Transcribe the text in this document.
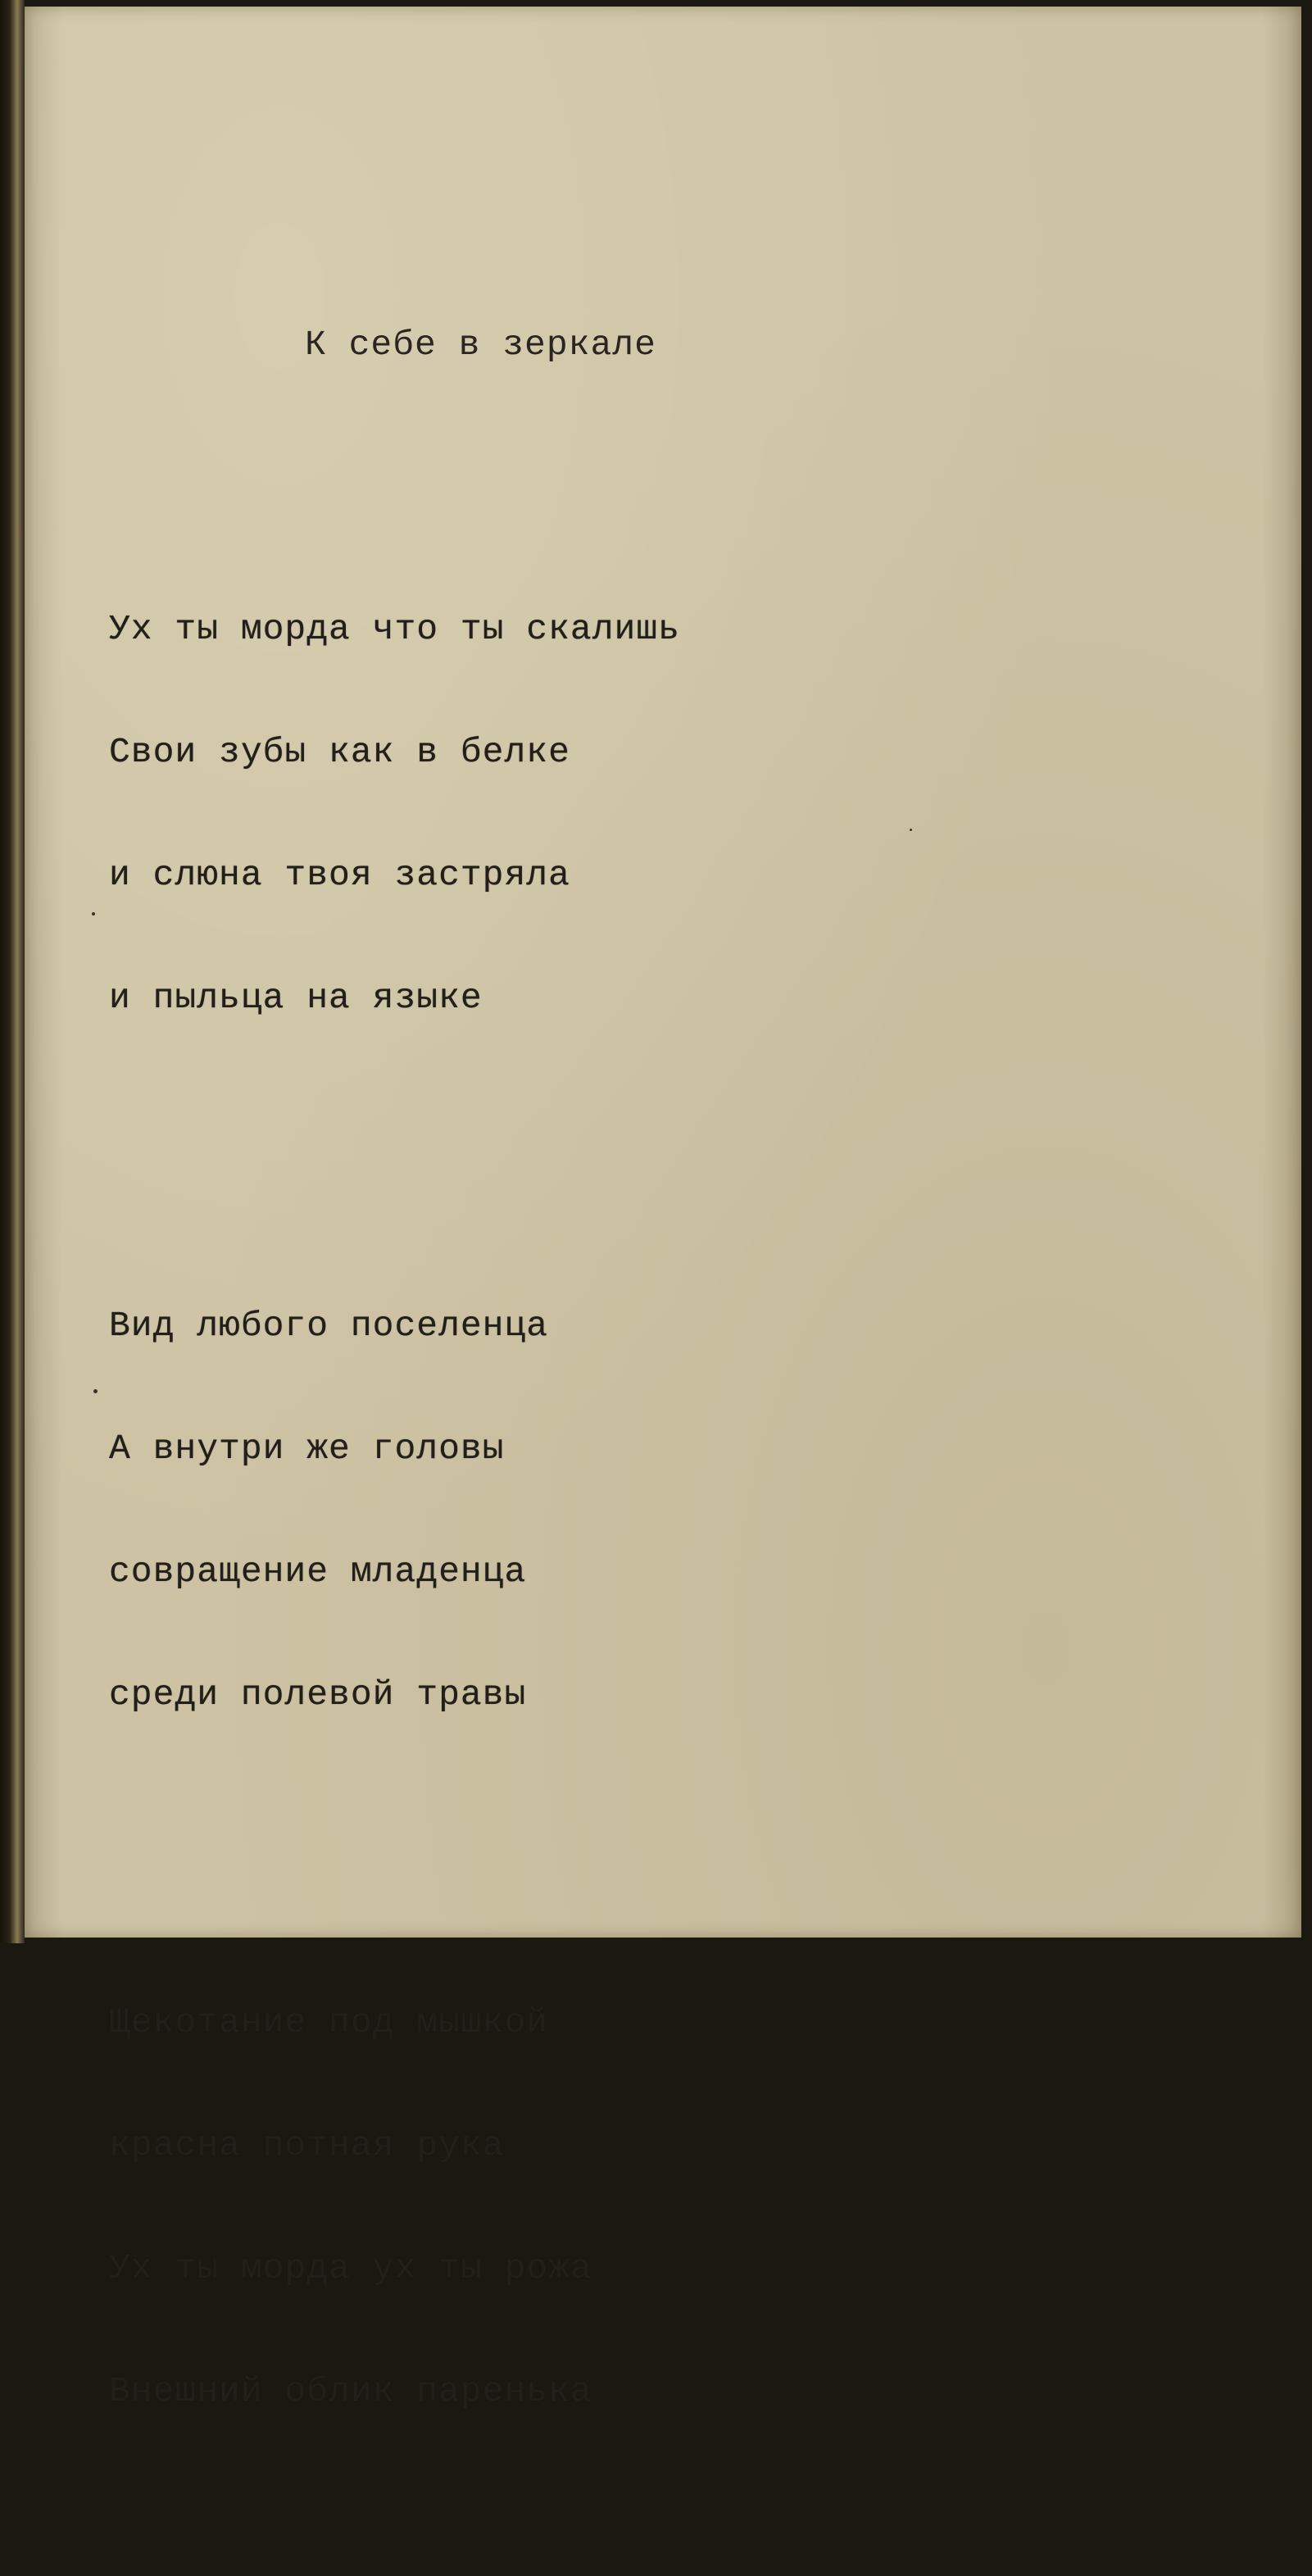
К себе в зеркале

Ух ты морда что ты скалишь

Свои зубы как в белке

и слюна твоя застряла

и пыльца на языке

Вид любого поселенца

А внутри же головы

совращение младенца

среди полевой травы

Щекотание под мышкой

красна потная рука

Ух ты морда ух ты рожа

Внешний облик паренька
